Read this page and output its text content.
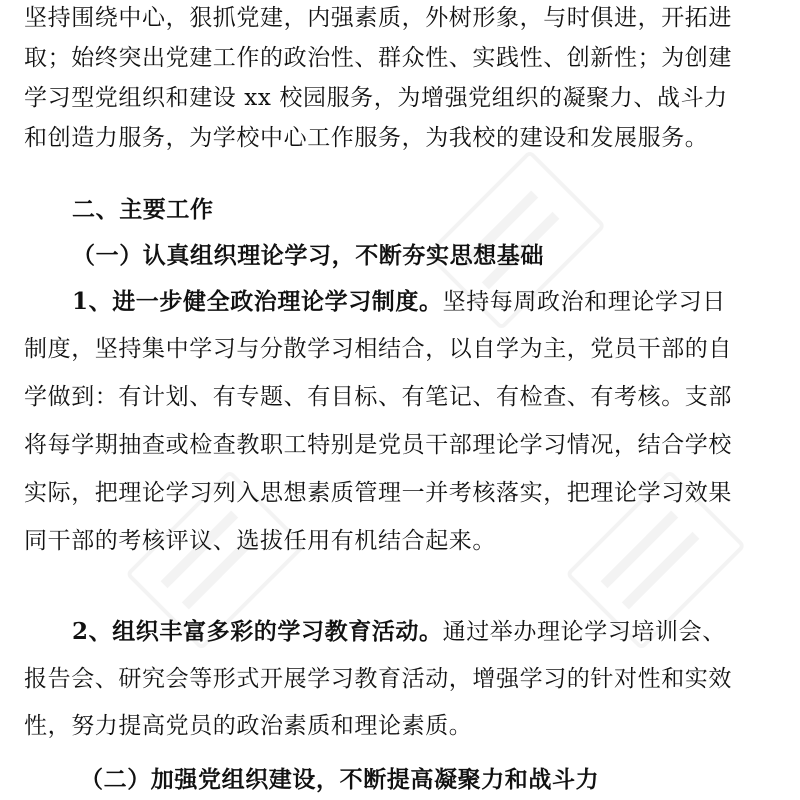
坚持围绕中心，狠抓党建，内强素质，外树形象，与时俱进，开拓进
取；始终突出党建工作的政治性、群众性、实践性、创新性；为创建
学习型党组织和建设 xx 校园服务，为增强党组织的凝聚力、战斗力
和创造力服务，为学校中心工作服务，为我校的建设和发展服务。
二、主要工作
（一）认真组织理论学习，不断夯实思想基础
1、进一步健全政治理论学习制度。坚持每周政治和理论学习日
制度，坚持集中学习与分散学习相结合，以自学为主，党员干部的自
学做到：有计划、有专题、有目标、有笔记、有检查、有考核。支部
将每学期抽查或检查教职工特别是党员干部理论学习情况，结合学校
实际，把理论学习列入思想素质管理一并考核落实，把理论学习效果
同干部的考核评议、选拔任用有机结合起来。
2、组织丰富多彩的学习教育活动。通过举办理论学习培训会、
报告会、研究会等形式开展学习教育活动，增强学习的针对性和实效
性，努力提高党员的政治素质和理论素质。
（二）加强党组织建设，不断提高凝聚力和战斗力
